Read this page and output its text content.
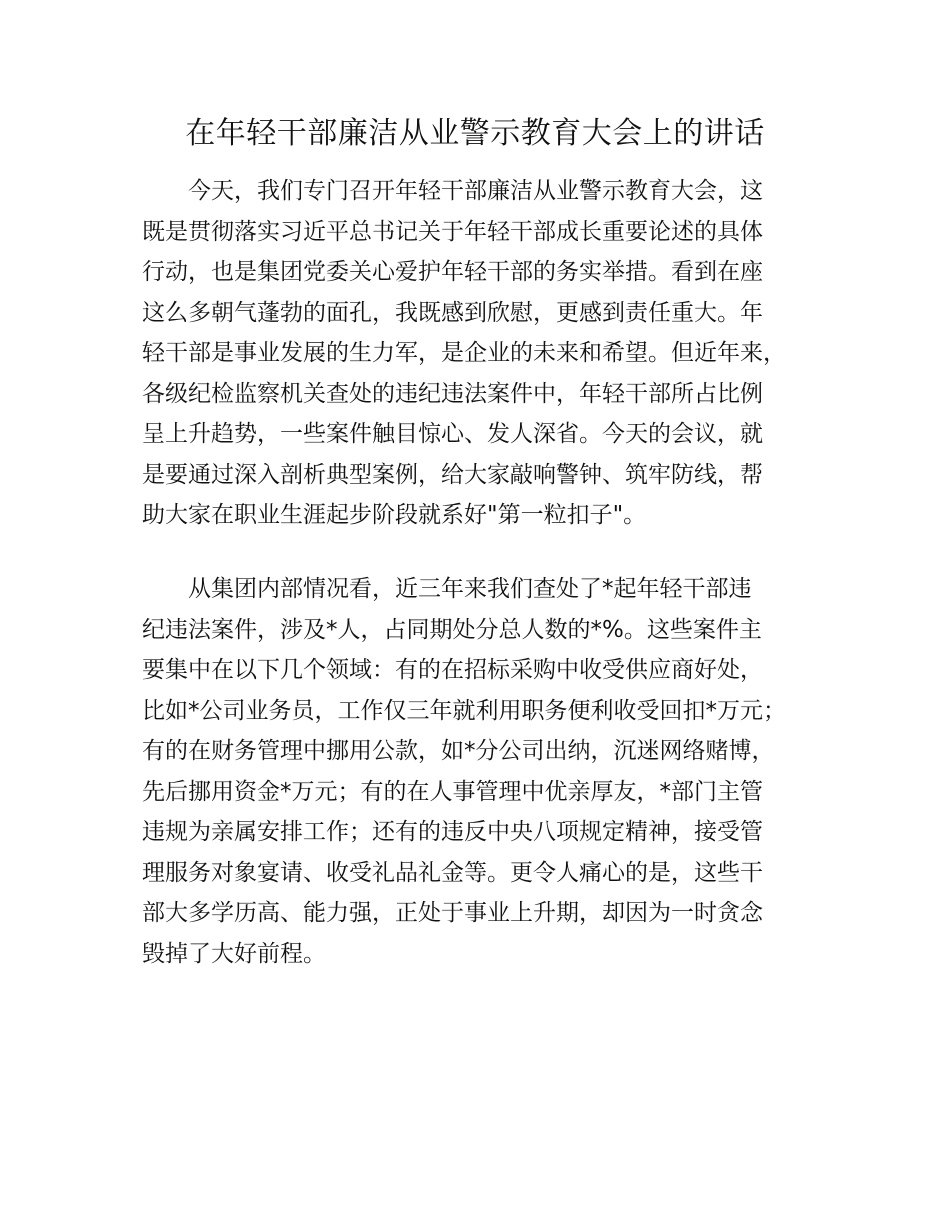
在年轻干部廉洁从业警示教育大会上的讲话
　　今天，我们专门召开年轻干部廉洁从业警示教育大会，这
既是贯彻落实习近平总书记关于年轻干部成长重要论述的具体
行动，也是集团党委关心爱护年轻干部的务实举措。看到在座
这么多朝气蓬勃的面孔，我既感到欣慰，更感到责任重大。年
轻干部是事业发展的生力军，是企业的未来和希望。但近年来，
各级纪检监察机关查处的违纪违法案件中，年轻干部所占比例
呈上升趋势，一些案件触目惊心、发人深省。今天的会议，就
是要通过深入剖析典型案例，给大家敲响警钟、筑牢防线，帮
助大家在职业生涯起步阶段就系好"第一粒扣子"。
　　从集团内部情况看，近三年来我们查处了*起年轻干部违
纪违法案件，涉及*人，占同期处分总人数的*%。这些案件主
要集中在以下几个领域：有的在招标采购中收受供应商好处，
比如*公司业务员，工作仅三年就利用职务便利收受回扣*万元；
有的在财务管理中挪用公款，如*分公司出纳，沉迷网络赌博，
先后挪用资金*万元；有的在人事管理中优亲厚友，*部门主管
违规为亲属安排工作；还有的违反中央八项规定精神，接受管
理服务对象宴请、收受礼品礼金等。更令人痛心的是，这些干
部大多学历高、能力强，正处于事业上升期，却因为一时贪念
毁掉了大好前程。
